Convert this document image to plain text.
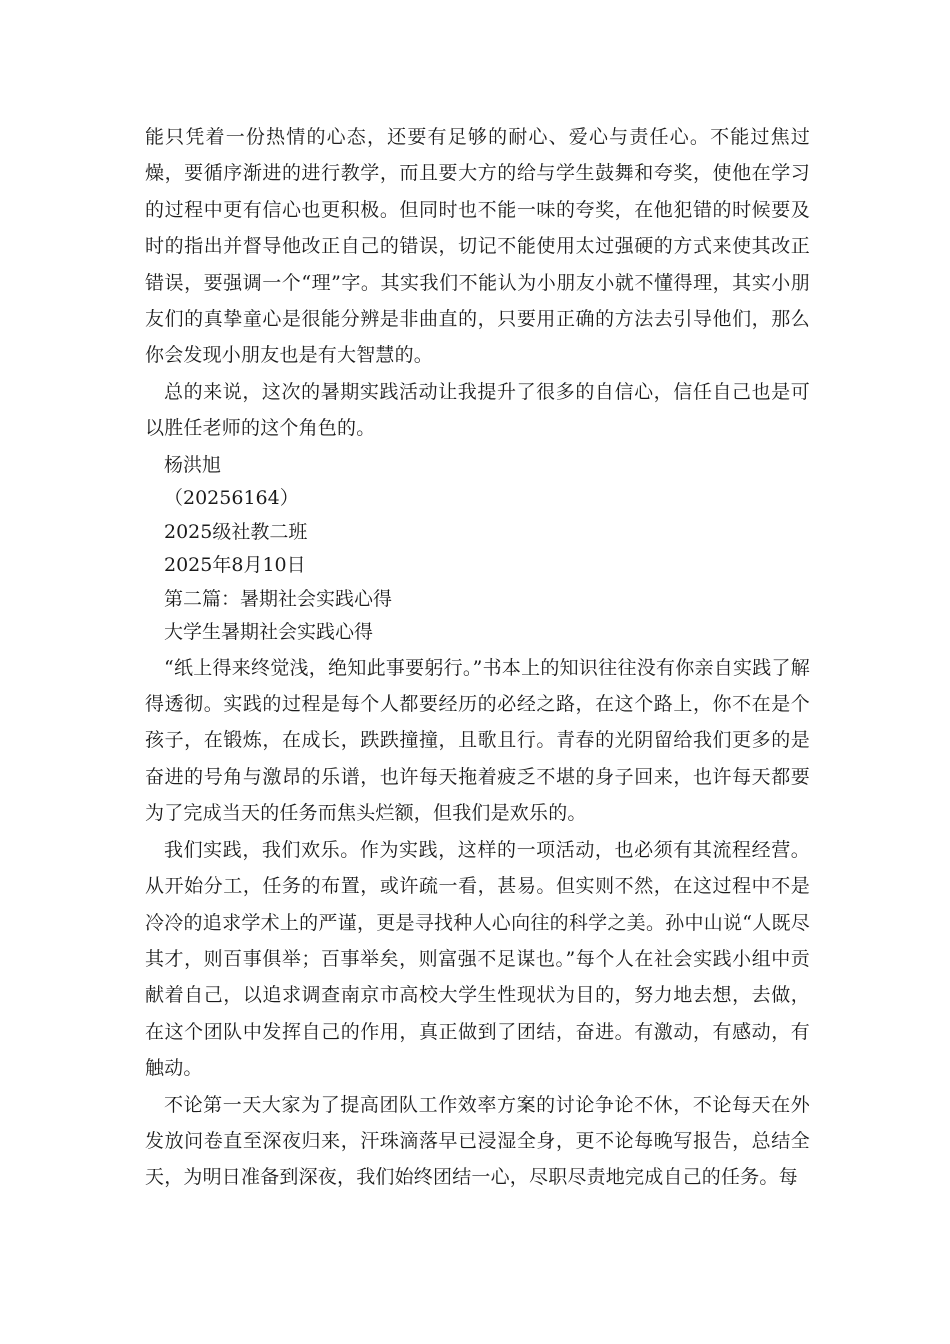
能只凭着一份热情的心态，还要有足够的耐心、爱心与责任心。不能过焦过燥，要循序渐进的进行教学，而且要大方的给与学生鼓舞和夸奖，使他在学习的过程中更有信心也更积极。但同时也不能一味的夸奖，在他犯错的时候要及时的指出并督导他改正自己的错误，切记不能使用太过强硬的方式来使其改正错误，要强调一个“理”字。其实我们不能认为小朋友小就不懂得理，其实小朋友们的真挚童心是很能分辨是非曲直的，只要用正确的方法去引导他们，那么你会发现小朋友也是有大智慧的。

总的来说，这次的暑期实践活动让我提升了很多的自信心，信任自己也是可以胜任老师的这个角色的。

杨洪旭

（20256164）

2025级社教二班

2025年8月10日

第二篇：暑期社会实践心得

大学生暑期社会实践心得

“纸上得来终觉浅，绝知此事要躬行。”书本上的知识往往没有你亲自实践了解得透彻。实践的过程是每个人都要经历的必经之路，在这个路上，你不在是个孩子，在锻炼，在成长，跌跌撞撞，且歌且行。青春的光阴留给我们更多的是奋进的号角与激昂的乐谱，也许每天拖着疲乏不堪的身子回来，也许每天都要为了完成当天的任务而焦头烂额，但我们是欢乐的。

我们实践，我们欢乐。作为实践，这样的一项活动，也必须有其流程经营。从开始分工，任务的布置，或许疏一看，甚易。但实则不然，在这过程中不是冷冷的追求学术上的严谨，更是寻找种人心向往的科学之美。孙中山说“人既尽其才，则百事俱举；百事举矣，则富强不足谋也。”每个人在社会实践小组中贡献着自己，以追求调查南京市高校大学生性现状为目的，努力地去想，去做，在这个团队中发挥自己的作用，真正做到了团结，奋进。有激动，有感动，有触动。

不论第一天大家为了提高团队工作效率方案的讨论争论不休，不论每天在外发放问卷直至深夜归来，汗珠滴落早已浸湿全身，更不论每晚写报告，总结全天，为明日准备到深夜，我们始终团结一心，尽职尽责地完成自己的任务。每
